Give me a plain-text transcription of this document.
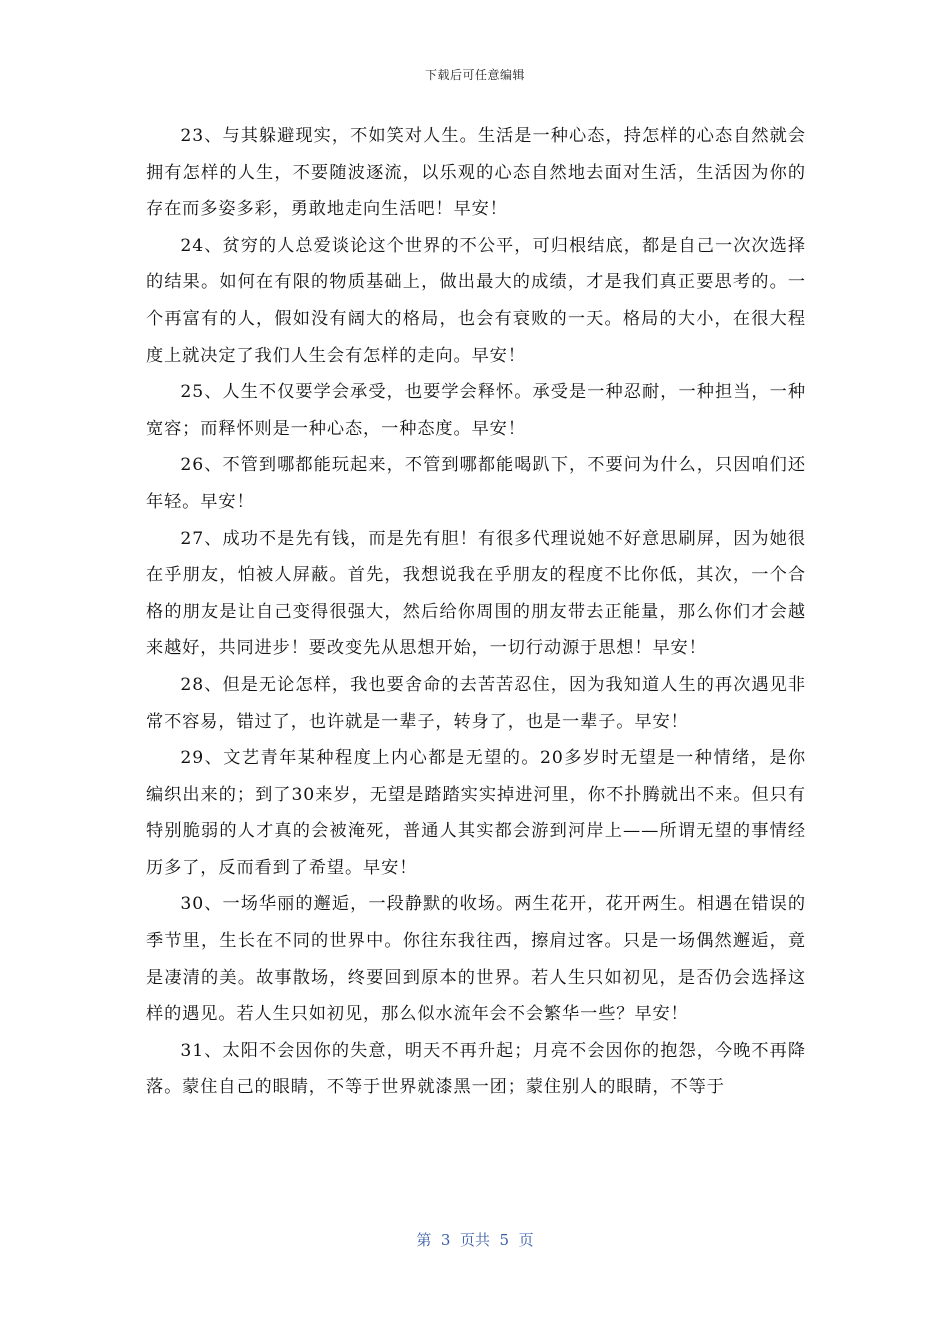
下载后可任意编辑

23、与其躲避现实，不如笑对人生。生活是一种心态，持怎样的心态自然就会拥有怎样的人生，不要随波逐流，以乐观的心态自然地去面对生活，生活因为你的存在而多姿多彩，勇敢地走向生活吧！早安！

24、贫穷的人总爱谈论这个世界的不公平，可归根结底，都是自己一次次选择的结果。如何在有限的物质基础上，做出最大的成绩，才是我们真正要思考的。一个再富有的人，假如没有阔大的格局，也会有衰败的一天。格局的大小，在很大程度上就决定了我们人生会有怎样的走向。早安！

25、人生不仅要学会承受，也要学会释怀。承受是一种忍耐，一种担当，一种宽容；而释怀则是一种心态，一种态度。早安！

26、不管到哪都能玩起来，不管到哪都能喝趴下，不要问为什么，只因咱们还年轻。早安！

27、成功不是先有钱，而是先有胆！有很多代理说她不好意思刷屏，因为她很在乎朋友，怕被人屏蔽。首先，我想说我在乎朋友的程度不比你低，其次，一个合格的朋友是让自己变得很强大，然后给你周围的朋友带去正能量，那么你们才会越来越好，共同进步！要改变先从思想开始，一切行动源于思想！早安！

28、但是无论怎样，我也要舍命的去苦苦忍住，因为我知道人生的再次遇见非常不容易，错过了，也许就是一辈子，转身了，也是一辈子。早安！

29、文艺青年某种程度上内心都是无望的。20多岁时无望是一种情绪，是你编织出来的；到了30来岁，无望是踏踏实实掉进河里，你不扑腾就出不来。但只有特别脆弱的人才真的会被淹死，普通人其实都会游到河岸上——所谓无望的事情经历多了，反而看到了希望。早安！

30、一场华丽的邂逅，一段静默的收场。两生花开，花开两生。相遇在错误的季节里，生长在不同的世界中。你往东我往西，擦肩过客。只是一场偶然邂逅，竟是凄清的美。故事散场，终要回到原本的世界。若人生只如初见，是否仍会选择这样的遇见。若人生只如初见，那么似水流年会不会繁华一些？早安！

31、太阳不会因你的失意，明天不再升起；月亮不会因你的抱怨，今晚不再降落。蒙住自己的眼睛，不等于世界就漆黑一团；蒙住别人的眼睛，不等于

第  3  页共  5  页
